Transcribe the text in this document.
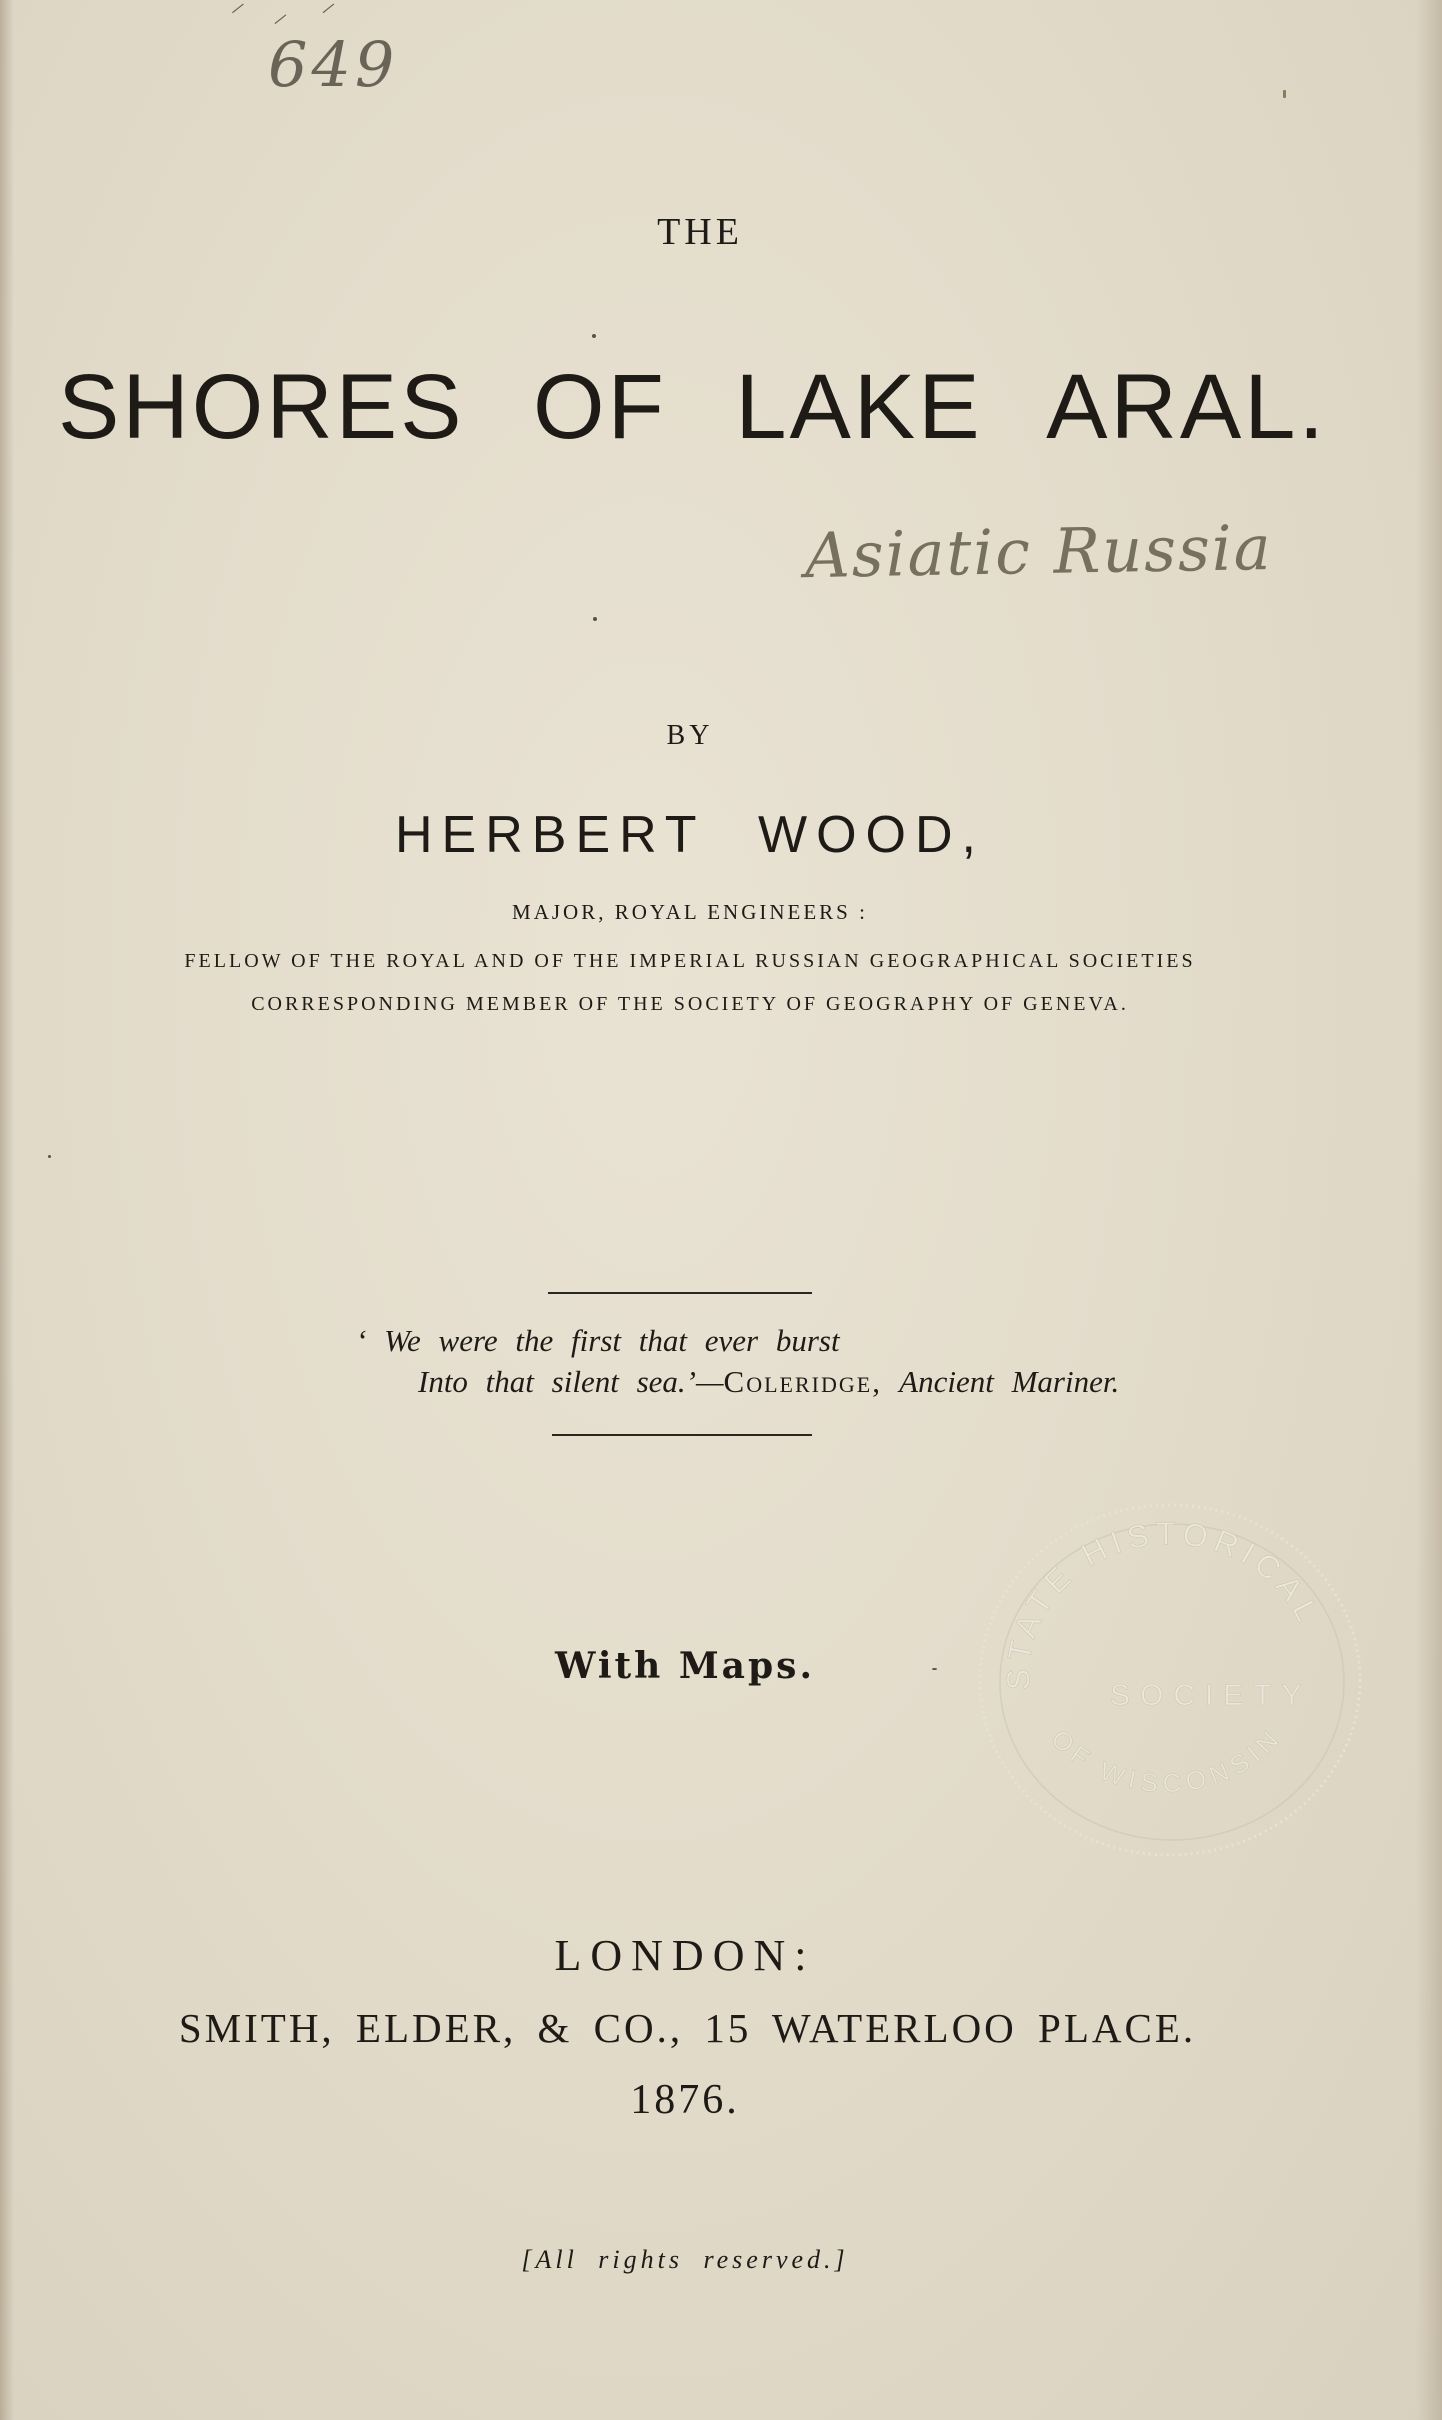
⸍ ⸝ ⸍
649
Asiatic Russia
THE
SHORES OF LAKE ARAL.
BY
HERBERT WOOD,
MAJOR, ROYAL ENGINEERS :
FELLOW OF THE ROYAL AND OF THE IMPERIAL RUSSIAN GEOGRAPHICAL SOCIETIES
CORRESPONDING MEMBER OF THE SOCIETY OF GEOGRAPHY OF GENEVA.
‘ We were the first that ever burst
Into that silent sea.’—Coleridge, Ancient Mariner.
With Maps.	STATE HISTORICAL
SOCIETY
OF WISCONSIN
LONDON:
SMITH, ELDER, & CO., 15 WATERLOO PLACE.
1876.
[All rights reserved.]
